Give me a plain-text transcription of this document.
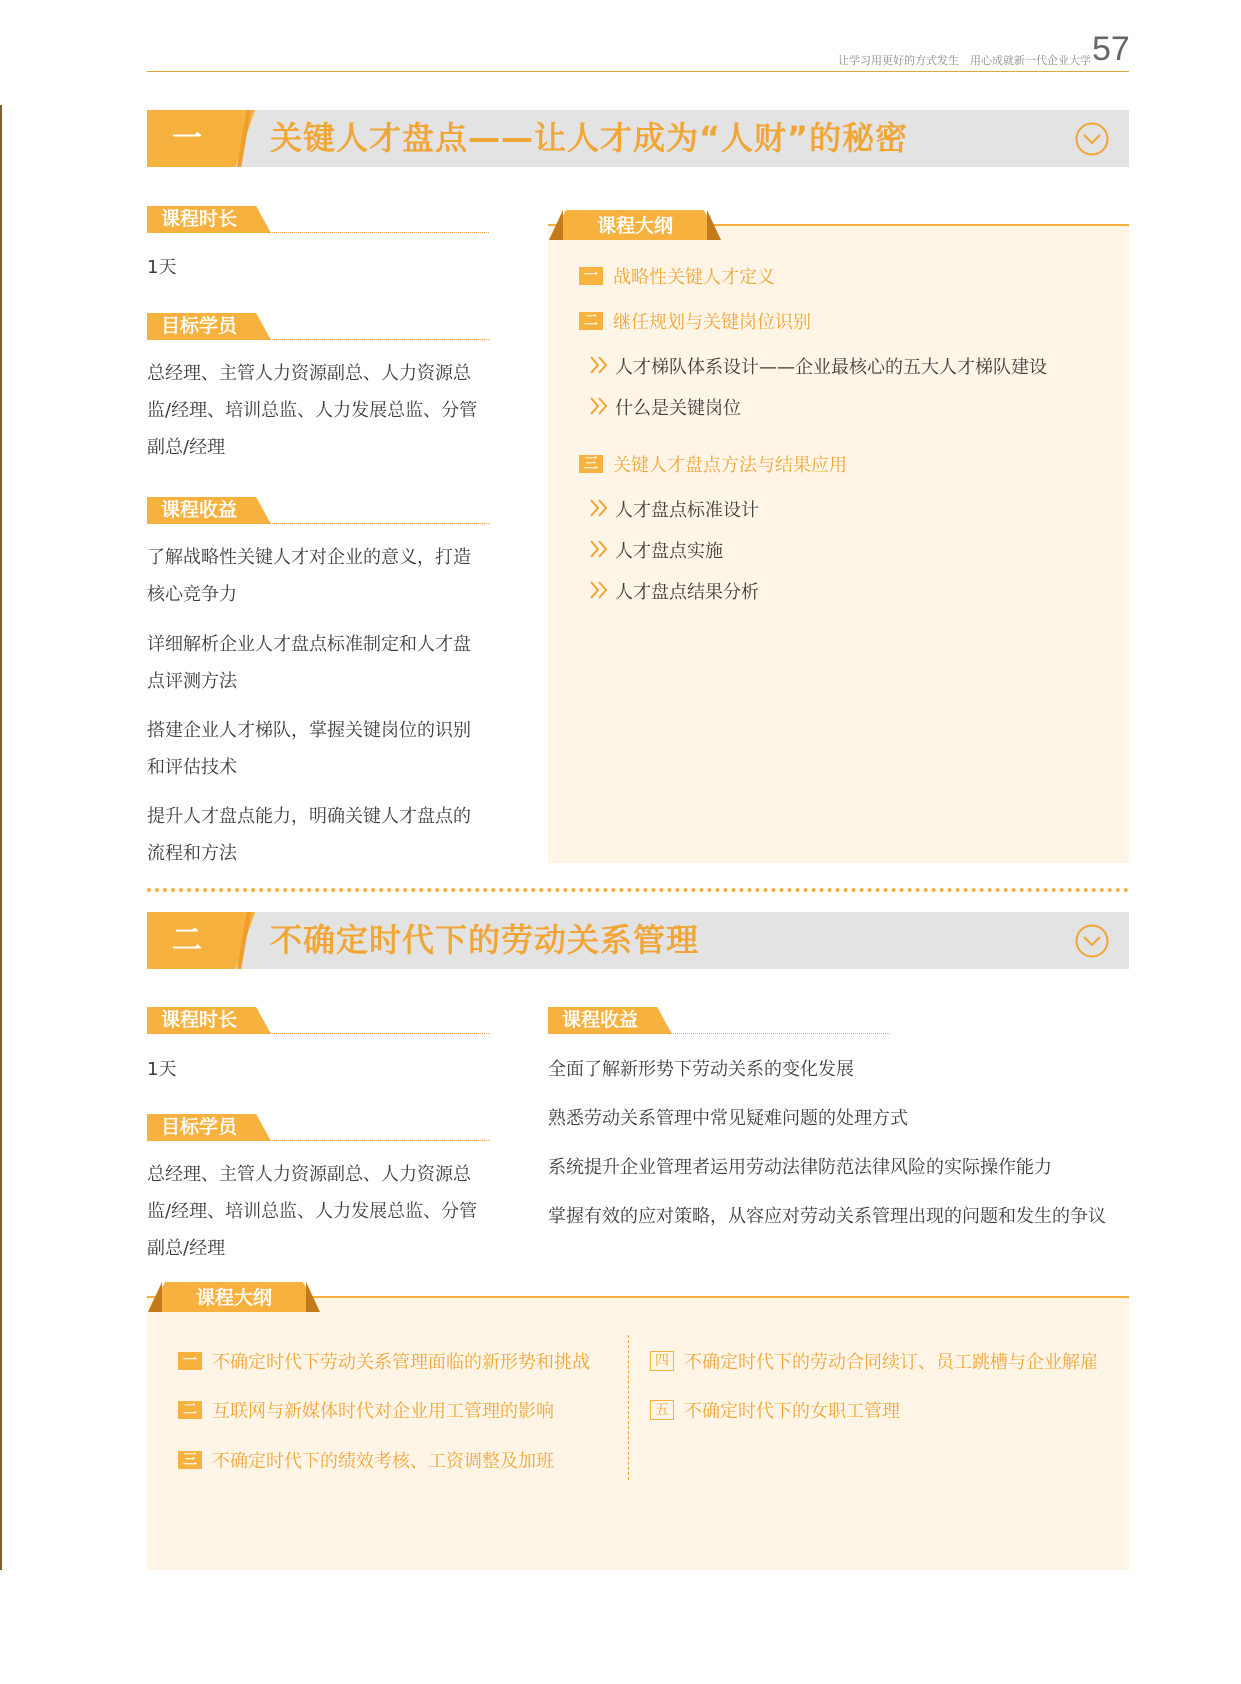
让学习用更好的方式发生　用心成就新一代企业大学 57
一	关键人才盘点——让人才成为“人财”的秘密
课程时长
1天
目标学员
总经理、主管人力资源副总、人力资源总监/经理、培训总监、人力发展总监、分管副总/经理
课程收益
了解战略性关键人才对企业的意义，打造核心竞争力
详细解析企业人才盘点标准制定和人才盘点评测方法
搭建企业人才梯队，掌握关键岗位的识别和评估技术
提升人才盘点能力，明确关键人才盘点的流程和方法
课程大纲
一 战略性关键人才定义
二 继任规划与关键岗位识别
人才梯队体系设计——企业最核心的五大人才梯队建设
什么是关键岗位
三 关键人才盘点方法与结果应用
人才盘点标准设计
人才盘点实施
人才盘点结果分析
二	不确定时代下的劳动关系管理
课程时长
1天
目标学员
总经理、主管人力资源副总、人力资源总监/经理、培训总监、人力发展总监、分管副总/经理
课程收益
全面了解新形势下劳动关系的变化发展
熟悉劳动关系管理中常见疑难问题的处理方式
系统提升企业管理者运用劳动法律防范法律风险的实际操作能力
掌握有效的应对策略，从容应对劳动关系管理出现的问题和发生的争议
课程大纲
一 不确定时代下劳动关系管理面临的新形势和挑战
二 互联网与新媒体时代对企业用工管理的影响
三 不确定时代下的绩效考核、工资调整及加班
四 不确定时代下的劳动合同续订、员工跳槽与企业解雇
五 不确定时代下的女职工管理
